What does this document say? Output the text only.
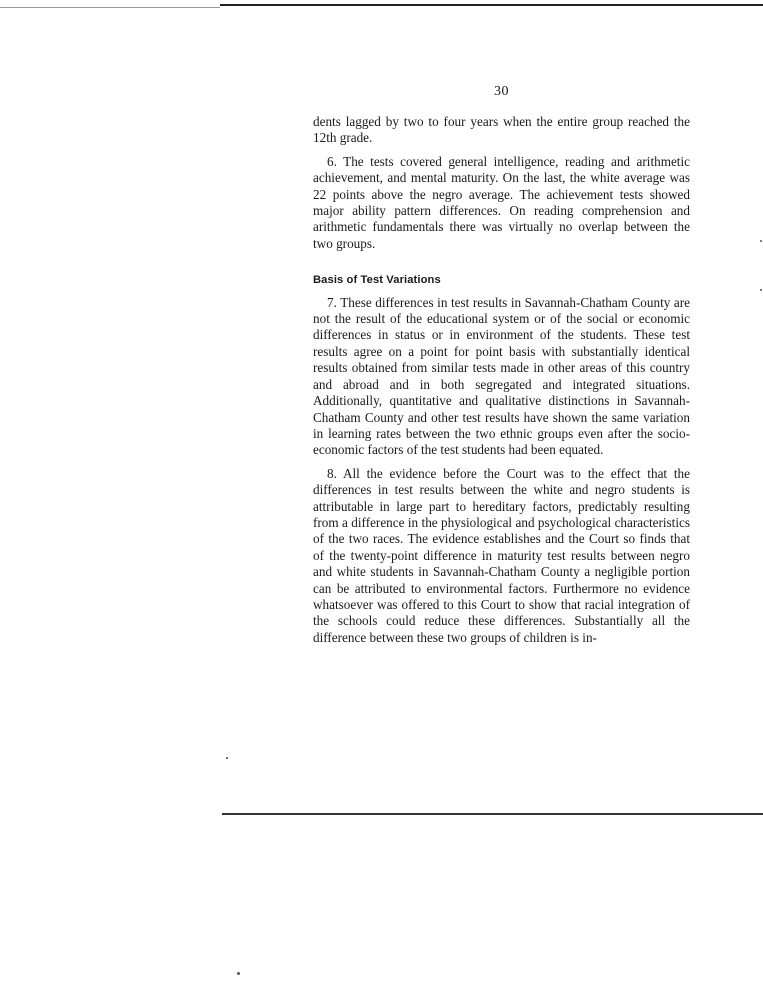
30

dents lagged by two to four years when the entire group reached the 12th grade.

6. The tests covered general intelligence, reading and arithmetic achievement, and mental maturity. On the last, the white average was 22 points above the negro average. The achievement tests showed major ability pattern differences. On reading comprehension and arithmetic fundamentals there was virtually no overlap between the two groups.

Basis of Test Variations

7. These differences in test results in Savannah-Chatham County are not the result of the educational system or of the social or economic differences in status or in environment of the students. These test results agree on a point for point basis with substantially identical results obtained from similar tests made in other areas of this country and abroad and in both segregated and integrated situations. Additionally, quantitative and qualitative distinctions in Savannah-Chatham County and other test results have shown the same variation in learning rates between the two ethnic groups even after the socio-economic factors of the test students had been equated.

8. All the evidence before the Court was to the effect that the differences in test results between the white and negro students is attributable in large part to hereditary factors, predictably resulting from a difference in the physiological and psychological characteristics of the two races. The evidence establishes and the Court so finds that of the twenty-point difference in maturity test results between negro and white students in Savannah-Chatham County a negligible portion can be attributed to environmental factors. Furthermore no evidence whatsoever was offered to this Court to show that racial integration of the schools could reduce these differences. Substantially all the difference between these two groups of children is in-
